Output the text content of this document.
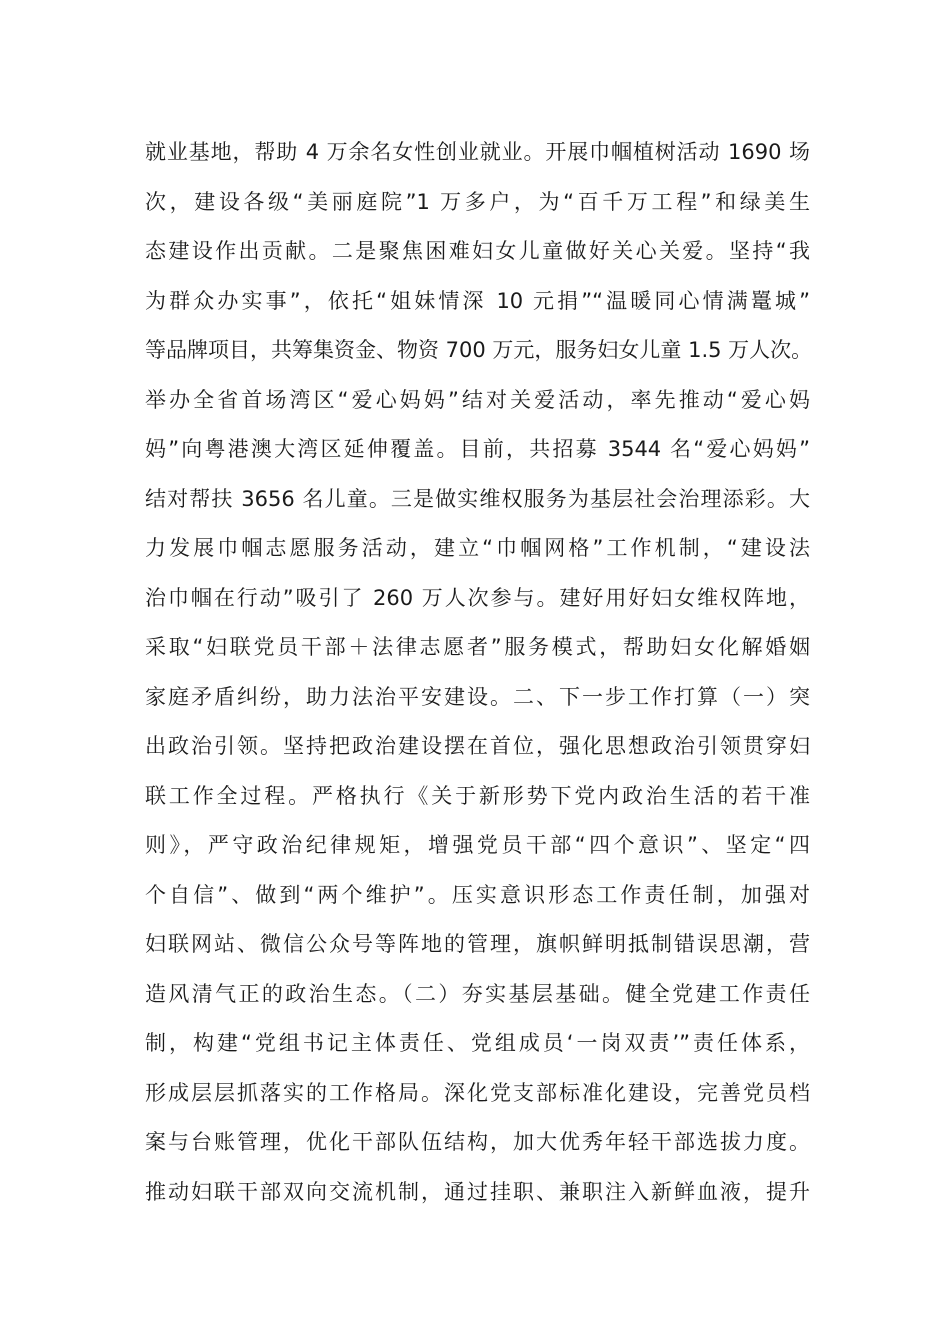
就业基地，帮助 4 万余名女性创业就业。开展巾帼植树活动 1690 场
次，建设各级“美丽庭院”1 万多户，为“百千万工程”和绿美生
态建设作出贡献。二是聚焦困难妇女儿童做好关心关爱。坚持“我
为群众办实事”，依托“姐妹情深 10 元捐”“温暖同心情满鼍城”
等品牌项目，共筹集资金、物资 700 万元，服务妇女儿童 1.5 万人次。
举办全省首场湾区“爱心妈妈”结对关爱活动，率先推动“爱心妈
妈”向粤港澳大湾区延伸覆盖。目前，共招募 3544 名“爱心妈妈”
结对帮扶 3656 名儿童。三是做实维权服务为基层社会治理添彩。大
力发展巾帼志愿服务活动，建立“巾帼网格”工作机制，“建设法
治巾帼在行动”吸引了 260 万人次参与。建好用好妇女维权阵地，
采取“妇联党员干部＋法律志愿者”服务模式，帮助妇女化解婚姻
家庭矛盾纠纷，助力法治平安建设。二、下一步工作打算（一）突
出政治引领。坚持把政治建设摆在首位，强化思想政治引领贯穿妇
联工作全过程。严格执行《关于新形势下党内政治生活的若干准
则》，严守政治纪律规矩，增强党员干部“四个意识”、坚定“四
个自信”、做到“两个维护”。压实意识形态工作责任制，加强对
妇联网站、微信公众号等阵地的管理，旗帜鲜明抵制错误思潮，营
造风清气正的政治生态。（二）夯实基层基础。健全党建工作责任
制，构建“党组书记主体责任、党组成员‘一岗双责’”责任体系，
形成层层抓落实的工作格局。深化党支部标准化建设，完善党员档
案与台账管理，优化干部队伍结构，加大优秀年轻干部选拔力度。
推动妇联干部双向交流机制，通过挂职、兼职注入新鲜血液，提升
